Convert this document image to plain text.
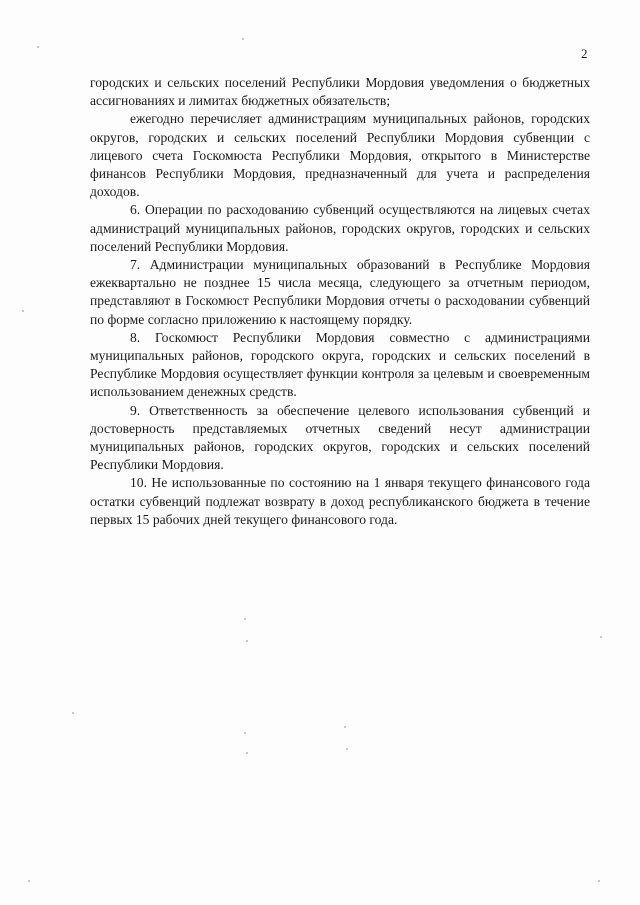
2

городских и сельских поселений Республики Мордовия уведомления о бюджетных ассигнованиях и лимитах бюджетных обязательств;

ежегодно перечисляет администрациям муниципальных районов, городских округов, городских и сельских поселений Республики Мордовия субвенции с лицевого счета Госкомюста Республики Мордовия, открытого в Министерстве финансов Республики Мордовия, предназначенный для учета и распределения доходов.

6. Операции по расходованию субвенций осуществляются на лицевых счетах администраций муниципальных районов, городских округов, городских и сельских поселений Республики Мордовия.

7. Администрации муниципальных образований в Республике Мордовия ежеквартально не позднее 15 числа месяца, следующего за отчетным периодом, представляют в Госкомюст Республики Мордовия отчеты о расходовании субвенций по форме согласно приложению к настоящему порядку.

8. Госкомюст Республики Мордовия совместно с администрациями муниципальных районов, городского округа, городских и сельских поселений в Республике Мордовия осуществляет функции контроля за целевым и своевременным использованием денежных средств.

9. Ответственность за обеспечение целевого использования субвенций и достоверность представляемых отчетных сведений несут администрации муниципальных районов, городских округов, городских и сельских поселений Республики Мордовия.

10. Не использованные по состоянию на 1 января текущего финансового года остатки субвенций подлежат возврату в доход республиканского бюджета в течение первых 15 рабочих дней текущего финансового года.
